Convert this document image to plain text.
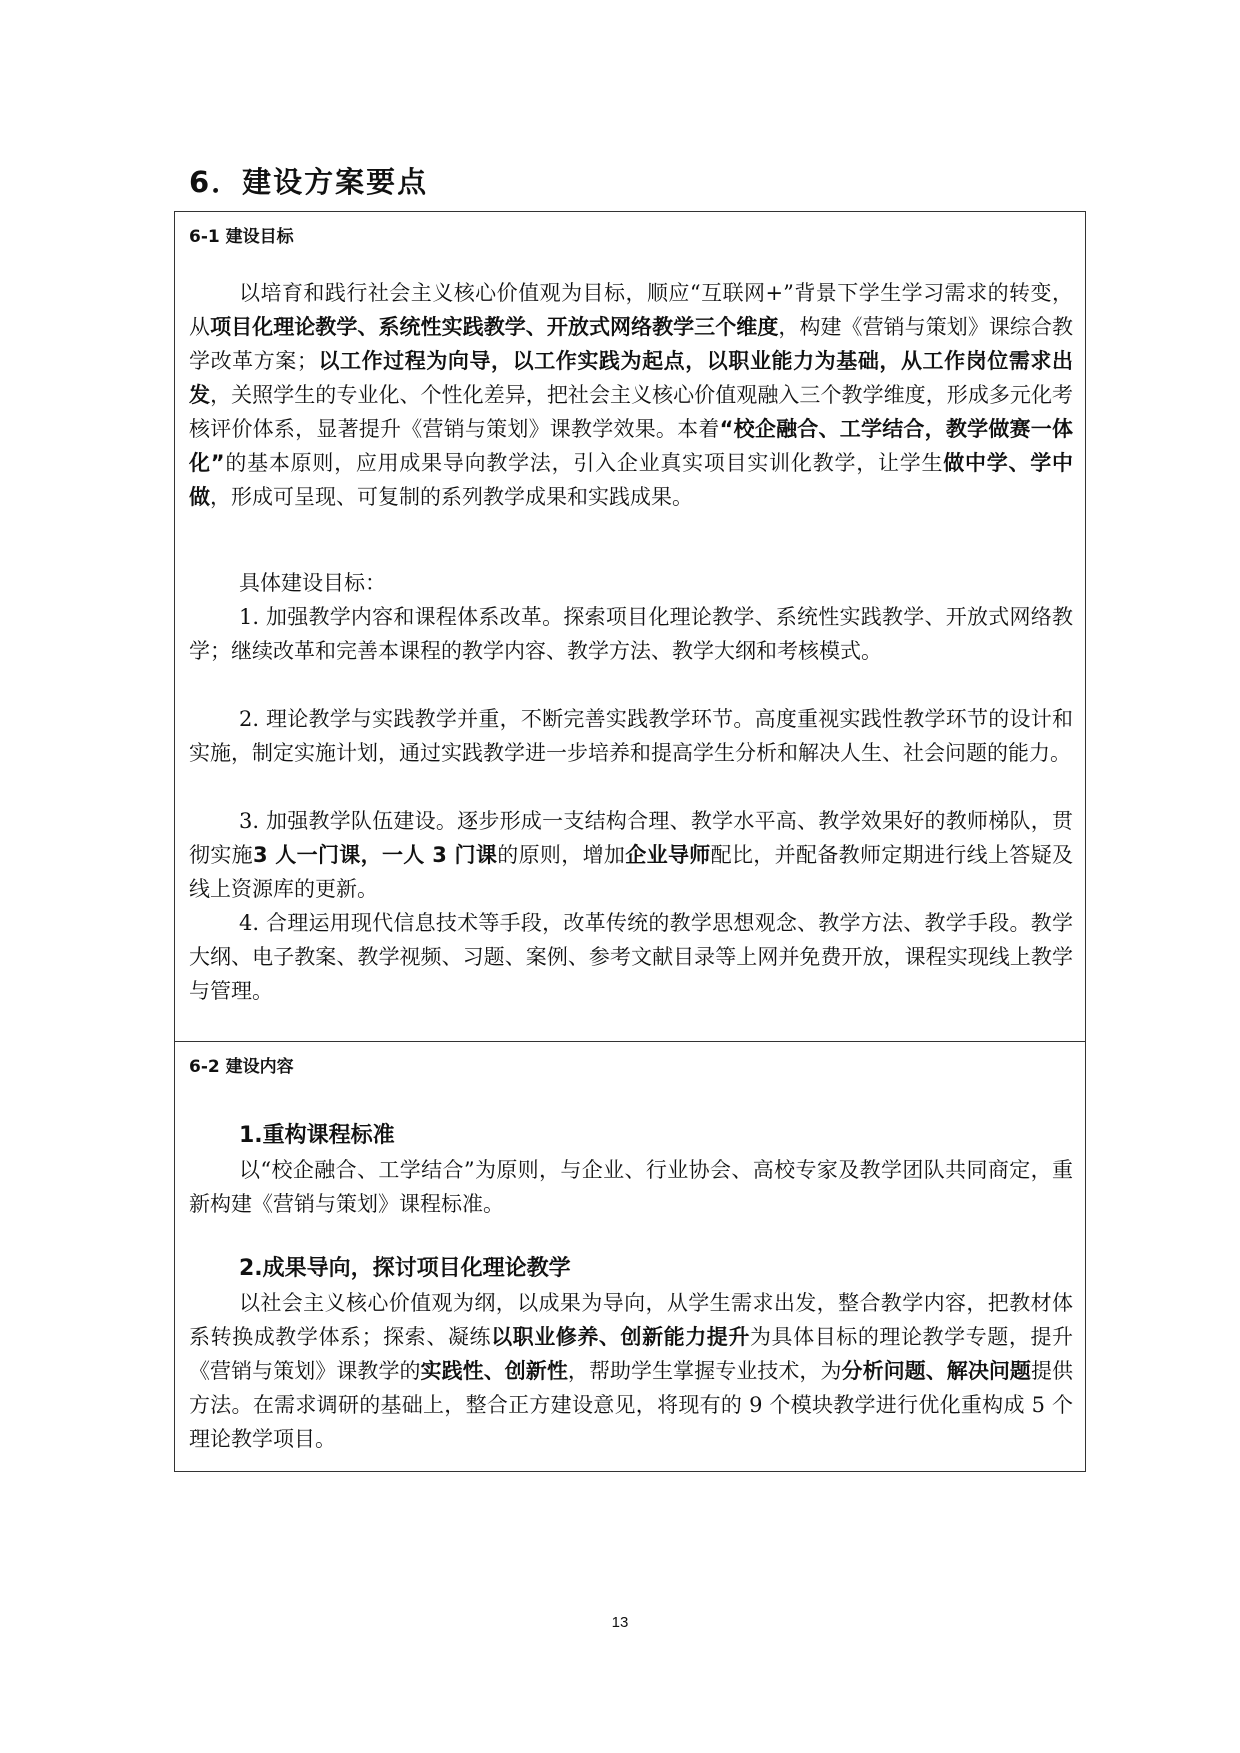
6．建设方案要点
6-1 建设目标
以培育和践行社会主义核心价值观为目标，顺应“互联网+”背景下学生学习需求的转变，从项目化理论教学、系统性实践教学、开放式网络教学三个维度，构建《营销与策划》课综合教学改革方案；以工作过程为向导，以工作实践为起点，以职业能力为基础，从工作岗位需求出发，关照学生的专业化、个性化差异，把社会主义核心价值观融入三个教学维度，形成多元化考核评价体系，显著提升《营销与策划》课教学效果。本着“校企融合、工学结合，教学做赛一体化”的基本原则，应用成果导向教学法，引入企业真实项目实训化教学，让学生做中学、学中做，形成可呈现、可复制的系列教学成果和实践成果。
具体建设目标：
1. 加强教学内容和课程体系改革。探索项目化理论教学、系统性实践教学、开放式网络教学；继续改革和完善本课程的教学内容、教学方法、教学大纲和考核模式。
2. 理论教学与实践教学并重，不断完善实践教学环节。高度重视实践性教学环节的设计和实施，制定实施计划，通过实践教学进一步培养和提高学生分析和解决人生、社会问题的能力。
3. 加强教学队伍建设。逐步形成一支结构合理、教学水平高、教学效果好的教师梯队，贯彻实施3 人一门课，一人 3 门课的原则，增加企业导师配比，并配备教师定期进行线上答疑及线上资源库的更新。
4. 合理运用现代信息技术等手段，改革传统的教学思想观念、教学方法、教学手段。教学大纲、电子教案、教学视频、习题、案例、参考文献目录等上网并免费开放，课程实现线上教学与管理。
6-2 建设内容
1.重构课程标准
以“校企融合、工学结合”为原则，与企业、行业协会、高校专家及教学团队共同商定，重新构建《营销与策划》课程标准。
2.成果导向，探讨项目化理论教学
以社会主义核心价值观为纲，以成果为导向，从学生需求出发，整合教学内容，把教材体系转换成教学体系；探索、凝练以职业修养、创新能力提升为具体目标的理论教学专题，提升《营销与策划》课教学的实践性、创新性，帮助学生掌握专业技术，为分析问题、解决问题提供方法。在需求调研的基础上，整合正方建设意见，将现有的 9 个模块教学进行优化重构成 5 个理论教学项目。
13
